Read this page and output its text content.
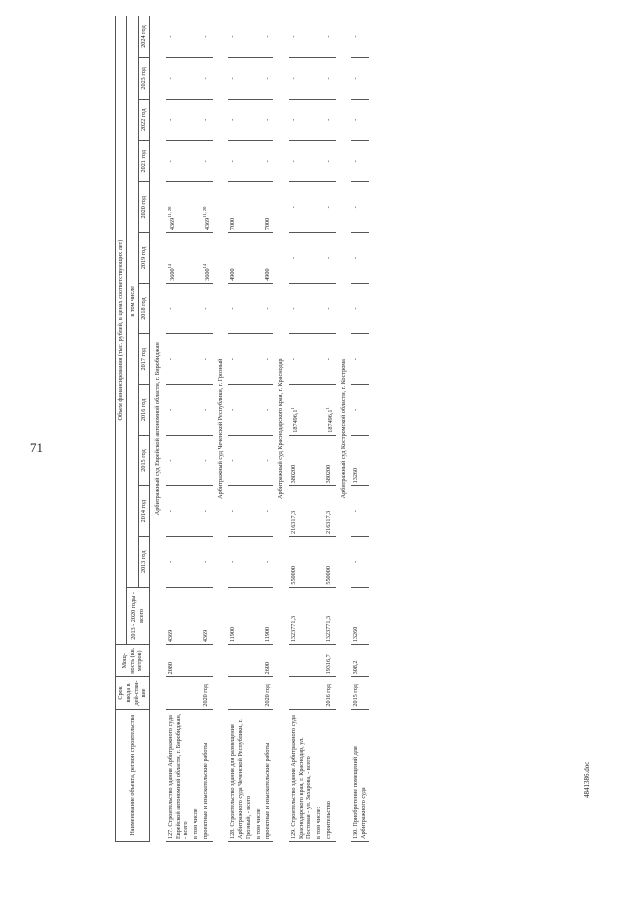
71
4841386.doc
Наименование объекта, регион строительства	Срок ввода в дей-стви-вие	Мощ-ность (кв. метров)	Объем финансирования (тыс. рублей, в ценах соответствующих лет)												
			2013 - 2020 годы - всего	в том числе											
				2013 год	2014 год	2015 год	2016 год	2017 год	2018 год	2019 год	2020 год	2021 год	2022 год	2023 год	2024 год
Арбитражный суд Еврейской автономной области, г. Биробиджан															
127. Строительство здания Арбитражного суда Еврейской автономной области, г. Биробиджан, - всего		2080	4369	-	-	-	-	-	-	3600$^{14}$	4369$^{11, 20}$	-	-	-	-
в том числе															
проектные и изыскательские работы	2020 год		4369	-	-	-	-	-	-	3600$^{14}$	4369$^{11, 20}$	-	-	-	-
Арбитражный суд Чеченской Республики, г. Грозный															
128. Строительство здания для размещения Арбитражного суда Чеченской Республики, г. Грозный, - всего			11900	-	-	-	-	-	-	4900	7000	-	-	-	-
в том числе															
проектные и изыскательские работы	2020 год	2600	11900	-	-	-	-	-	-	4900	7000	-	-	-	-
Арбитражный суд Краснодарского края, г. Краснодар															
129. Строительство здания Арбитражного суда Краснодарского края, г. Краснодар, ул. Постовая - ул. Захарова, - всего			1323771,3	550000	216317,3	380200	187496,1$^1$	-	-	-	-	-	-	-	-
в том числе:															
строительство	2016 год	19316,7	1323771,3	550000	216317,3	380200	187496,1$^1$	-	-	-	-	-	-	-	-
Арбитражный суд Костромской области, г. Кострома															
130. Приобретение помещений для Арбитражного суда	2015 год	308,2	13260	-	-	13260	-	-	-	-	-	-	-	-	-
